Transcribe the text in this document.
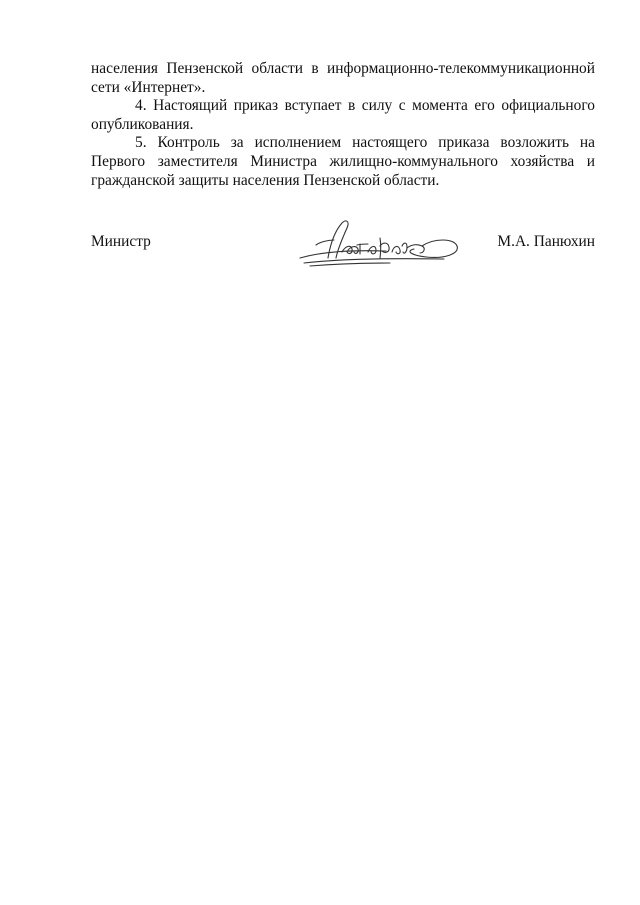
населения Пензенской области в информационно-телекоммуникационной сети «Интернет».

4. Настоящий приказ вступает в силу с момента его официального опубликования.

5. Контроль за исполнением настоящего приказа возложить на Первого заместителя Министра жилищно-коммунального хозяйства и гражданской защиты населения Пензенской области.

Министр	М.А. Панюхин
